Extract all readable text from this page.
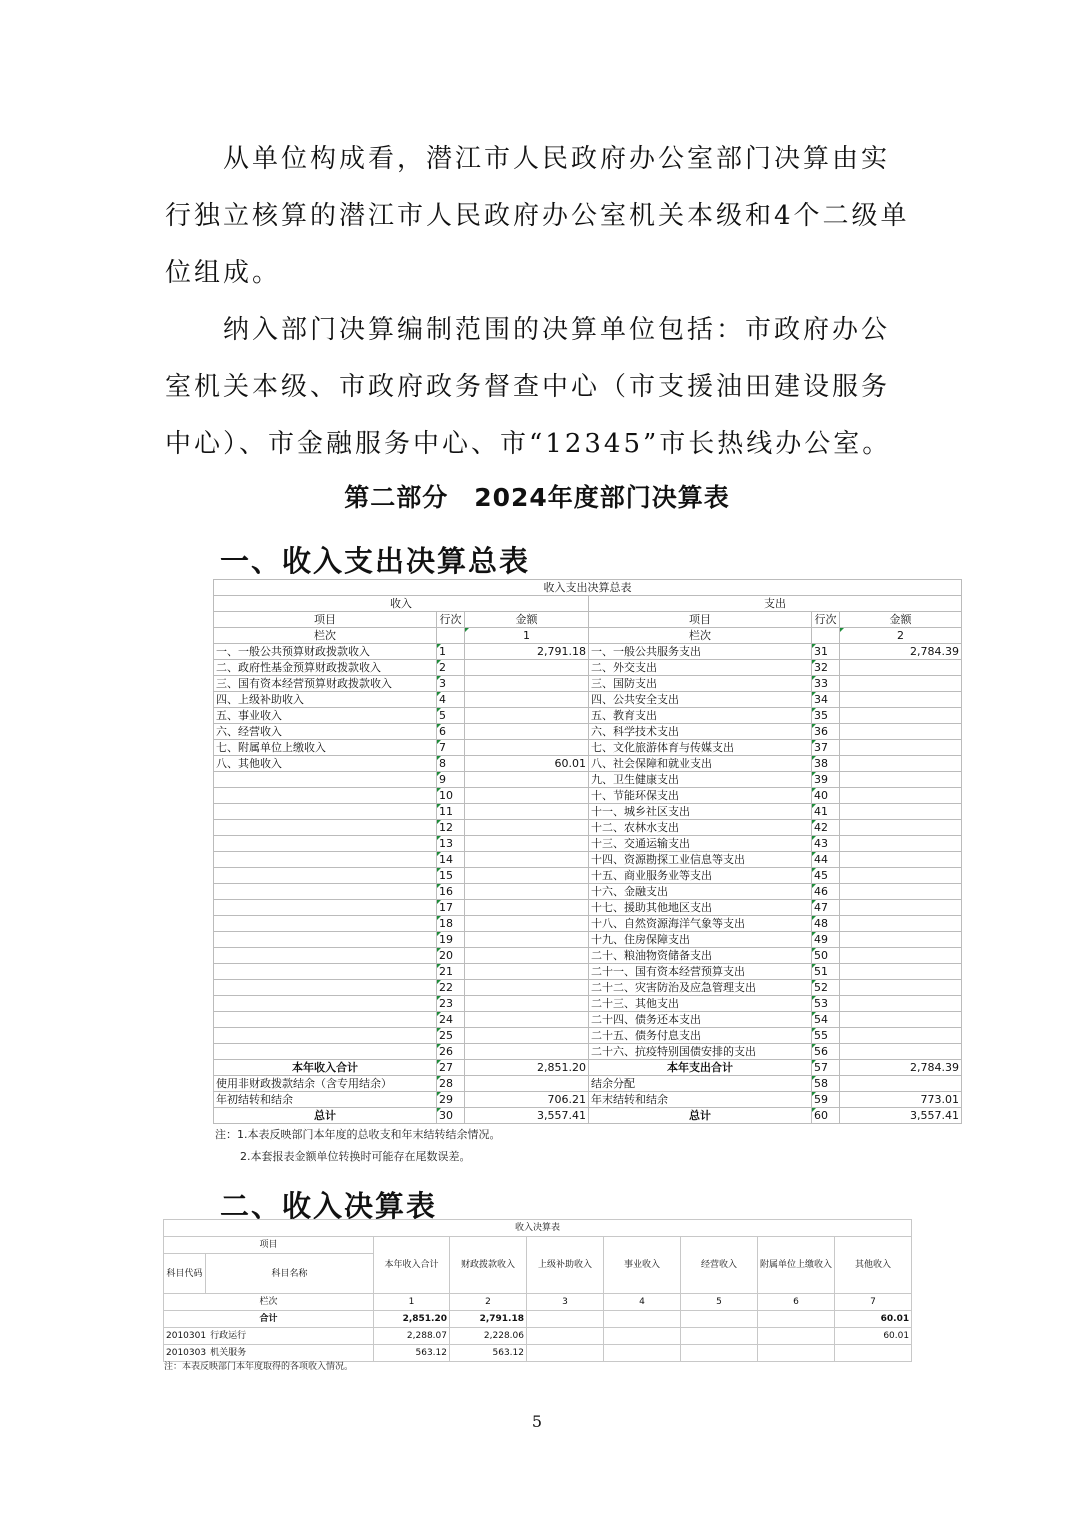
从单位构成看，潜江市人民政府办公室部门决算由实行独立核算的潜江市人民政府办公室机关本级和4个二级单位组成。

纳入部门决算编制范围的决算单位包括：市政府办公室机关本级、市政府政务督查中心（市支援油田建设服务中心）、市金融服务中心、市“12345”市长热线办公室。

第二部分　2024年度部门决算表
一、收入支出决算总表
收入支出决算总表					
收入			支出		
项目	行次	金额	项目	行次	金额
栏次		1	栏次		2
一、一般公共预算财政拨款收入	1	2,791.18	一、一般公共服务支出	31	2,784.39
二、政府性基金预算财政拨款收入	2		二、外交支出	32	
三、国有资本经营预算财政拨款收入	3		三、国防支出	33	
四、上级补助收入	4		四、公共安全支出	34	
五、事业收入	5		五、教育支出	35	
六、经营收入	6		六、科学技术支出	36	
七、附属单位上缴收入	7		七、文化旅游体育与传媒支出	37	
八、其他收入	8	60.01	八、社会保障和就业支出	38	
	9		九、卫生健康支出	39	
	10		十、节能环保支出	40	
	11		十一、城乡社区支出	41	
	12		十二、农林水支出	42	
	13		十三、交通运输支出	43	
	14		十四、资源勘探工业信息等支出	44	
	15		十五、商业服务业等支出	45	
	16		十六、金融支出	46	
	17		十七、援助其他地区支出	47	
	18		十八、自然资源海洋气象等支出	48	
	19		十九、住房保障支出	49	
	20		二十、粮油物资储备支出	50	
	21		二十一、国有资本经营预算支出	51	
	22		二十二、灾害防治及应急管理支出	52	
	23		二十三、其他支出	53	
	24		二十四、债务还本支出	54	
	25		二十五、债务付息支出	55	
	26		二十六、抗疫特别国债安排的支出	56	
本年收入合计	27	2,851.20	本年支出合计	57	2,784.39
使用非财政拨款结余（含专用结余）	28		结余分配	58	
年初结转和结余	29	706.21	年末结转和结余	59	773.01
总计	30	3,557.41	总计	60	3,557.41

注：1.本表反映部门本年度的总收支和年末结转结余情况。

2.本套报表金额单位转换时可能存在尾数误差。

二、收入决算表
收入决算表								
项目		本年收入合计	财政拨款收入	上级补助收入	事业收入	经营收入	附属单位上缴收入	其他收入
科目代码	科目名称							
栏次		1	2	3	4	5	6	7
合计		2,851.20	2,791.18					60.01
2010301 行政运行		2,288.07	2,228.06					60.01
2010303 机关服务		563.12	563.12					

注：本表反映部门本年度取得的各项收入情况。

5
